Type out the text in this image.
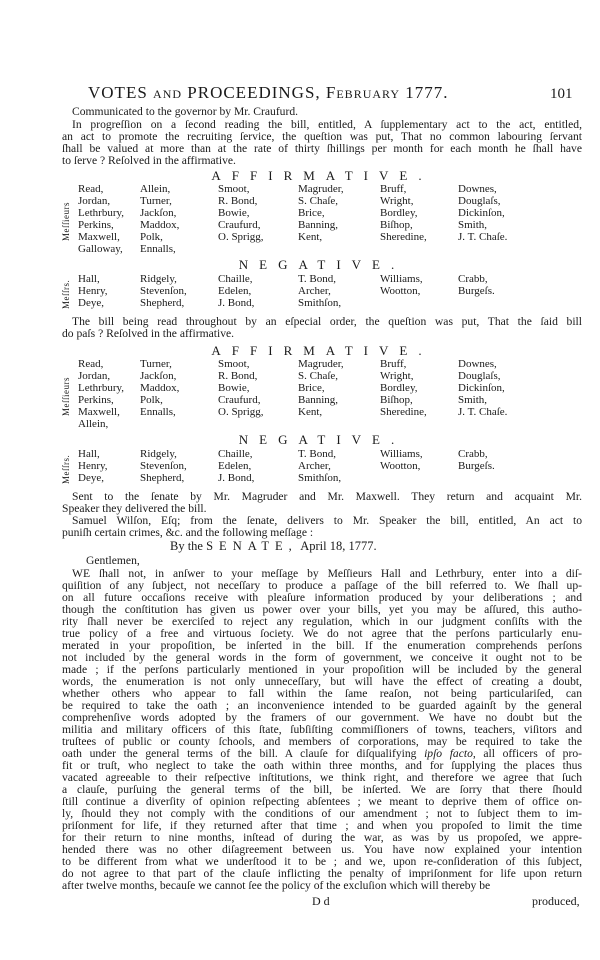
VOTES and PROCEEDINGS, February 1777.	101
Communicated to the governor by Mr. Craufurd.
In progreſſion on a ſecond reading the bill, entitled, A ſupplementary act to the act, entitled,
an act to promote the recruiting ſervice, the queſtion was put, That no common labouring ſervant
ſhall be valued at more than at the rate of thirty ſhillings per month for each month he ſhall have
to ſerve ? Reſolved in the affirmative.
AFFIRMATIVE.
Read,
Jordan,
Lethrbury,
Perkins,
Maxwell,
Galloway,
Allein,
Turner,
Jackſon,
Maddox,
Polk,
Ennalls,
Smoot,
R. Bond,
Bowie,
Craufurd,
O. Sprigg,
Magruder,
S. Chaſe,
Brice,
Banning,
Kent,
Bruff,
Wright,
Bordley,
Biſhop,
Sheredine,
Downes,
Douglaſs,
Dickinſon,
Smith,
J. T. Chaſe.
Meſſieurs
NEGATIVE.
Hall,
Henry,
Deye,
Ridgely,
Stevenſon,
Shepherd,
Chaille,
Edelen,
J. Bond,
T. Bond,
Archer,
Smithſon,
Williams,
Wootton,
Crabb,
Burgeſs.
Meſſrs.
The bill being read throughout by an eſpecial order, the queſtion was put, That the ſaid bill
do paſs ? Reſolved in the affirmative.
AFFIRMATIVE.
Read,
Jordan,
Lethrbury,
Perkins,
Maxwell,
Allein,
Turner,
Jackſon,
Maddox,
Polk,
Ennalls,
Smoot,
R. Bond,
Bowie,
Craufurd,
O. Sprigg,
Magruder,
S. Chaſe,
Brice,
Banning,
Kent,
Bruff,
Wright,
Bordley,
Biſhop,
Sheredine,
Downes,
Douglaſs,
Dickinſon,
Smith,
J. T. Chaſe.
Meſſieurs
NEGATIVE.
Hall,
Henry,
Deye,
Ridgely,
Stevenſon,
Shepherd,
Chaille,
Edelen,
J. Bond,
T. Bond,
Archer,
Smithſon,
Williams,
Wootton,
Crabb,
Burgeſs.
Meſſrs.
Sent to the ſenate by Mr. Magruder and Mr. Maxwell. They return and acquaint Mr.
Speaker they delivered the bill.
Samuel Wilſon, Eſq; from the ſenate, delivers to Mr. Speaker the bill, entitled, An act to
puniſh certain crimes, &c. and the following meſſage :
WE ſhall not, in anſwer to your meſſage by Meſſieurs Hall and Lethrbury, enter into a diſ-
quiſition of any ſubject, not neceſſary to produce a paſſage of the bill referred to. We ſhall up-
on all future occaſions receive with pleaſure information produced by your deliberations ; and
though the conſtitution has given us power over your bills, yet you may be aſſured, this autho-
rity ſhall never be exerciſed to reject any regulation, which in our judgment conſiſts with the
true policy of a free and virtuous ſociety. We do not agree that the perſons particularly enu-
merated in your propoſition, be inſerted in the bill. If the enumeration comprehends perſons
not included by the general words in the form of government, we conceive it ought not to be
made ; if the perſons particularly mentioned in your propoſition will be included by the general
words, the enumeration is not only unneceſſary, but will have the effect of creating a doubt,
whether others who appear to fall within the ſame reaſon, not being particulariſed, can
be required to take the oath ; an inconvenience intended to be guarded againſt by the general
comprehenſive words adopted by the framers of our government. We have no doubt but the
militia and military officers of this ſtate, ſubſiſting commiſſioners of towns, teachers, viſitors and
truſtees of public or county ſchools, and members of corporations, may be required to take the
oath under the general terms of the bill. A clauſe for diſqualifying ipſo facto, all officers of pro-
fit or truſt, who neglect to take the oath within three months, and for ſupplying the places thus
vacated agreeable to their reſpective inſtitutions, we think right, and therefore we agree that ſuch
a clauſe, purſuing the general terms of the bill, be inſerted. We are ſorry that there ſhould
ſtill continue a diverſity of opinion reſpecting abſentees ; we meant to deprive them of office on-
ly, ſhould they not comply with the conditions of our amendment ; not to ſubject them to im-
priſonment for life, if they returned after that time ; and when you propoſed to limit the time
for their return to nine months, inſtead of during the war, as was by us propoſed, we appre-
hended there was no other diſagreement between us. You have now explained your intention
to be different from what we underſtood it to be ; and we, upon re-conſideration of this ſubject,
do not agree to that part of the clauſe inflicting the penalty of impriſonment for life upon return
after twelve months, becauſe we cannot ſee the policy of the excluſion which will thereby be
By the SENATE, April 18, 1777.
Gentlemen,
D d	produced,
